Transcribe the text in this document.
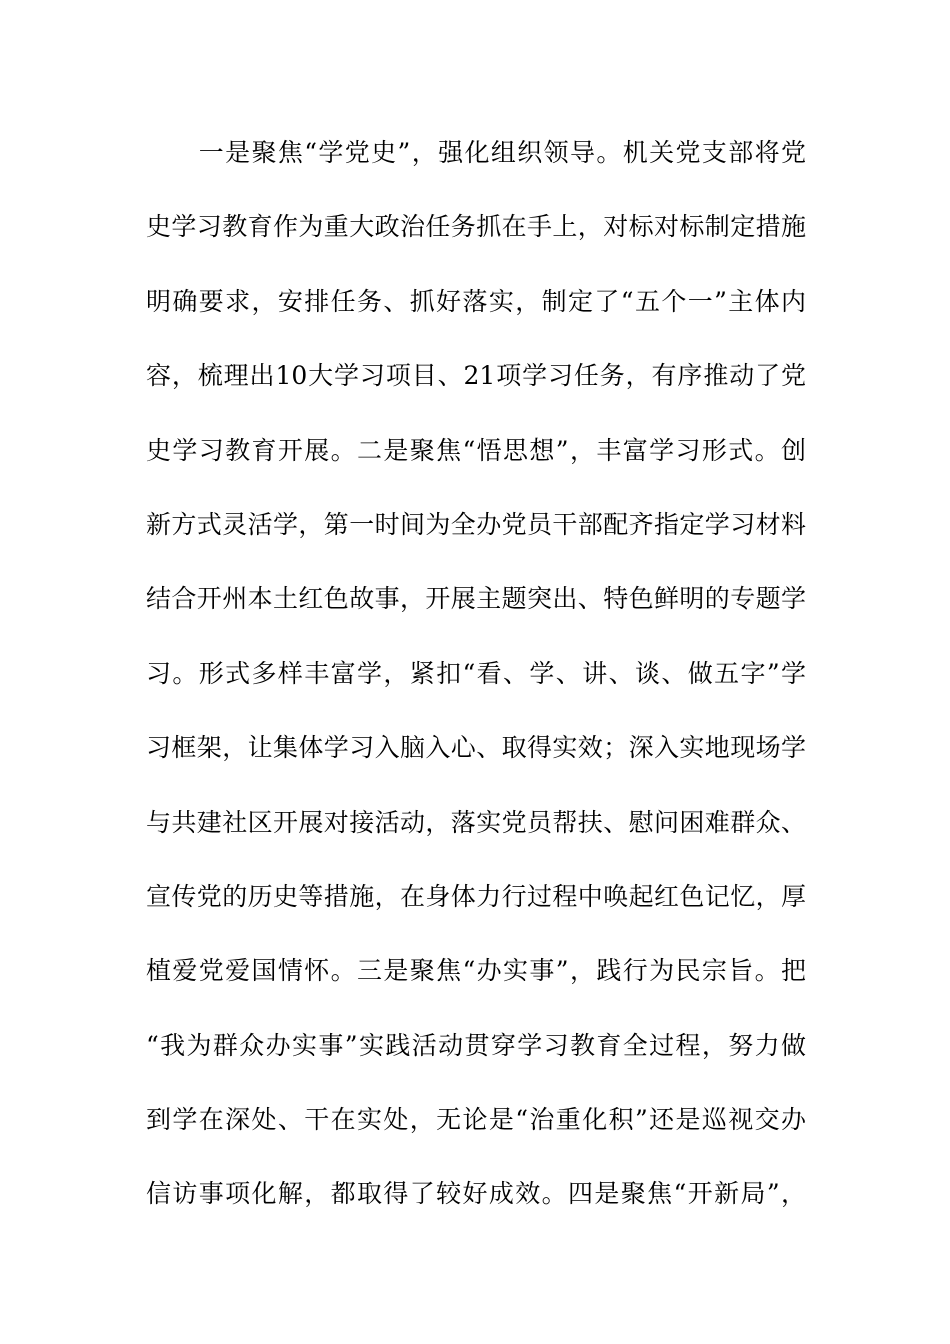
　　一是聚焦“学党史”，强化组织领导。机关党支部将党
史学习教育作为重大政治任务抓在手上，对标对标制定措施
明确要求，安排任务、抓好落实，制定了“五个一”主体内
容，梳理出10大学习项目、21项学习任务，有序推动了党
史学习教育开展。二是聚焦“悟思想”，丰富学习形式。创
新方式灵活学，第一时间为全办党员干部配齐指定学习材料
结合开州本土红色故事，开展主题突出、特色鲜明的专题学
习。形式多样丰富学，紧扣“看、学、讲、谈、做五字”学
习框架，让集体学习入脑入心、取得实效；深入实地现场学
与共建社区开展对接活动，落实党员帮扶、慰问困难群众、
宣传党的历史等措施，在身体力行过程中唤起红色记忆，厚
植爱党爱国情怀。三是聚焦“办实事”，践行为民宗旨。把
“我为群众办实事”实践活动贯穿学习教育全过程，努力做
到学在深处、干在实处，无论是“治重化积”还是巡视交办
信访事项化解，都取得了较好成效。四是聚焦“开新局”，
